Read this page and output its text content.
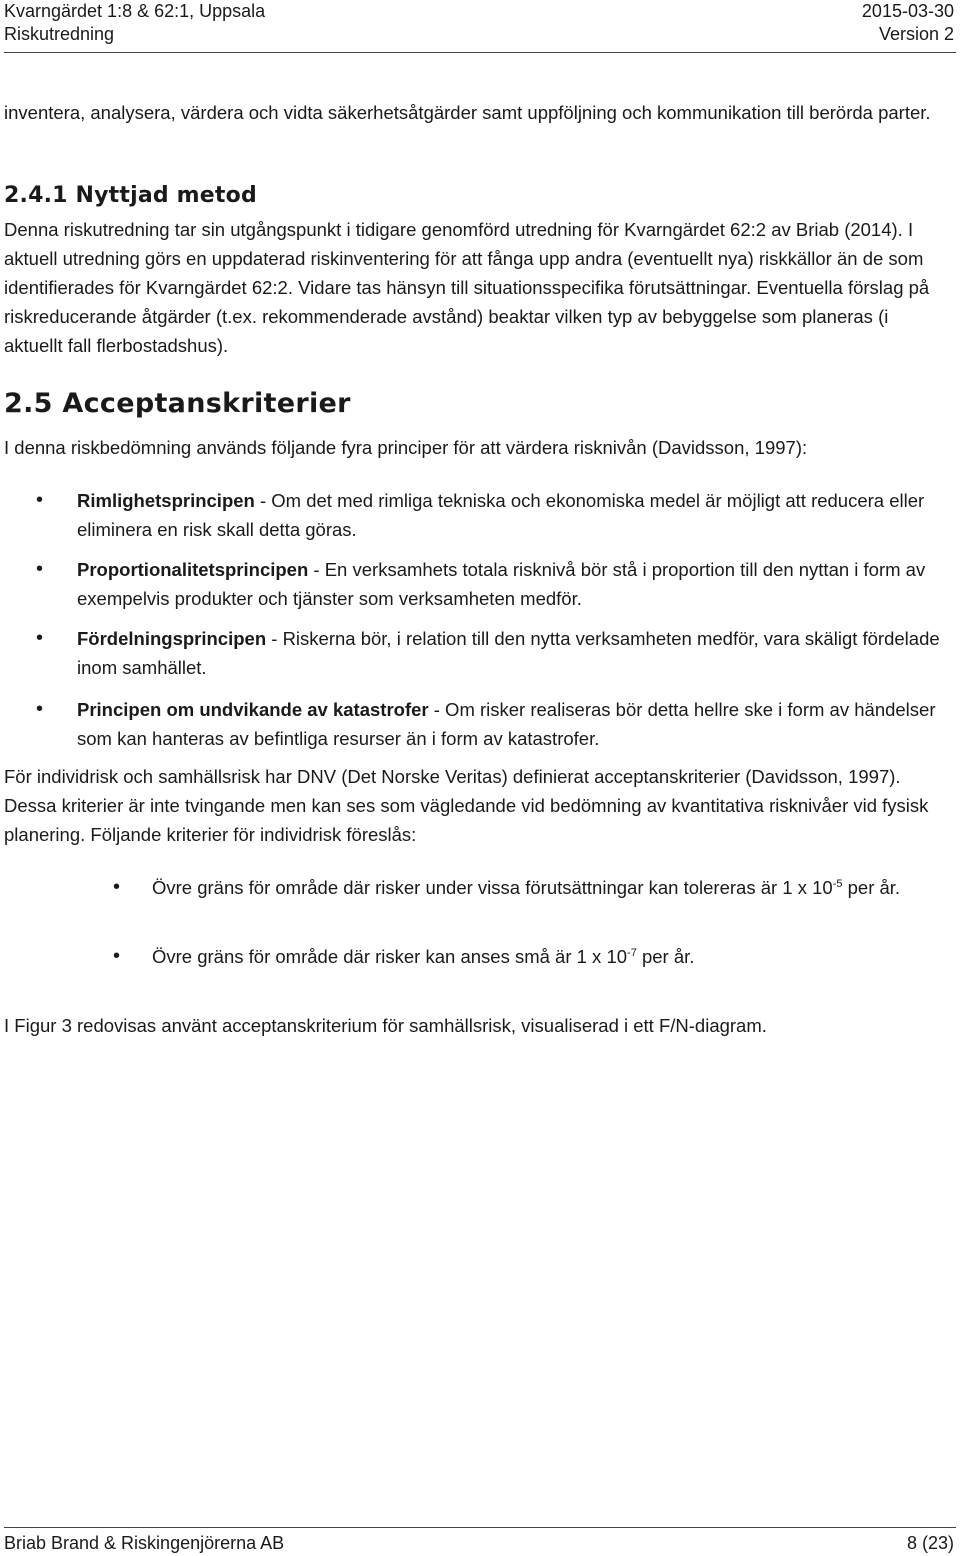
Kvarngärdet 1:8 & 62:1, Uppsala	2015-03-30
Riskutredning	Version 2

inventera, analysera, värdera och vidta säkerhetsåtgärder samt uppföljning och kommunikation till berörda parter.

2.4.1 Nyttjad metod

Denna riskutredning tar sin utgångspunkt i tidigare genomförd utredning för Kvarngärdet 62:2 av Briab (2014). I aktuell utredning görs en uppdaterad riskinventering för att fånga upp andra (eventuellt nya) riskkällor än de som identifierades för Kvarngärdet 62:2. Vidare tas hänsyn till situationsspecifika förutsättningar. Eventuella förslag på riskreducerande åtgärder (t.ex. rekommenderade avstånd) beaktar vilken typ av bebyggelse som planeras (i aktuellt fall flerbostadshus).

2.5 Acceptanskriterier

I denna riskbedömning används följande fyra principer för att värdera risknivån (Davidsson, 1997):

• Rimlighetsprincipen - Om det med rimliga tekniska och ekonomiska medel är möjligt att reducera eller eliminera en risk skall detta göras.
• Proportionalitetsprincipen - En verksamhets totala risknivå bör stå i proportion till den nyttan i form av exempelvis produkter och tjänster som verksamheten medför.
• Fördelningsprincipen - Riskerna bör, i relation till den nytta verksamheten medför, vara skäligt fördelade inom samhället.
• Principen om undvikande av katastrofer - Om risker realiseras bör detta hellre ske i form av händelser som kan hanteras av befintliga resurser än i form av katastrofer.

För individrisk och samhällsrisk har DNV (Det Norske Veritas) definierat acceptanskriterier (Davidsson, 1997). Dessa kriterier är inte tvingande men kan ses som vägledande vid bedömning av kvantitativa risknivåer vid fysisk planering. Följande kriterier för individrisk föreslås:

• Övre gräns för område där risker under vissa förutsättningar kan tolereras är 1 x $10^{-5}$ per år.
• Övre gräns för område där risker kan anses små är 1 x $10^{-7}$ per år.

I Figur 3 redovisas använt acceptanskriterium för samhällsrisk, visualiserad i ett F/N-diagram.

Briab Brand & Riskingenjörerna AB	8 (23)
